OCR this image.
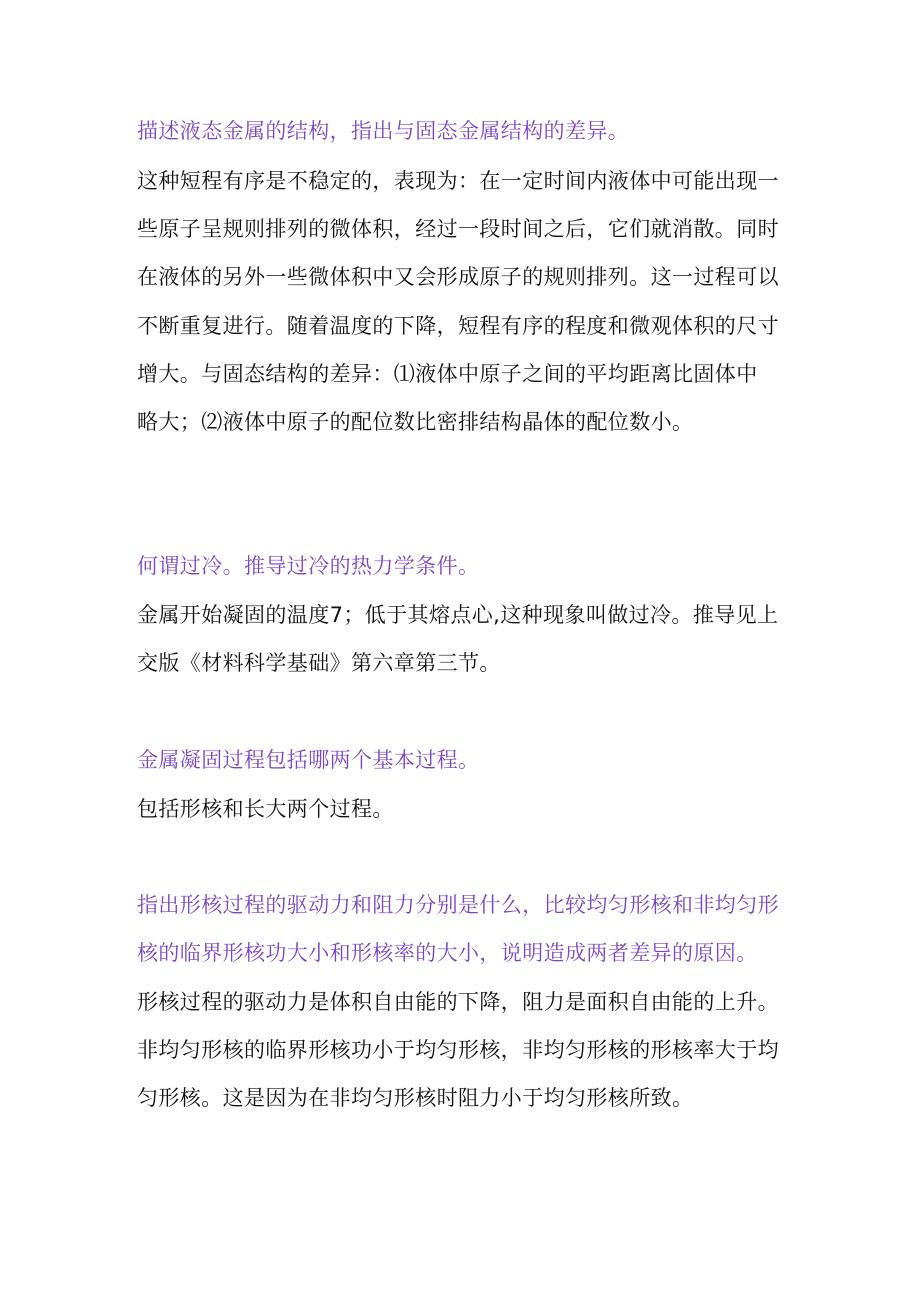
描述液态金属的结构，指出与固态金属结构的差异。
这种短程有序是不稳定的，表现为：在一定时间内液体中可能出现一
些原子呈规则排列的微体积，经过一段时间之后，它们就消散。同时
在液体的另外一些微体积中又会形成原子的规则排列。这一过程可以
不断重复进行。随着温度的下降，短程有序的程度和微观体积的尺寸
增大。与固态结构的差异：⑴液体中原子之间的平均距离比固体中
略大；⑵液体中原子的配位数比密排结构晶体的配位数小。
何谓过冷。推导过冷的热力学条件。
金属开始凝固的温度7；低于其熔点心,这种现象叫做过冷。推导见上
交版《材料科学基础》第六章第三节。
金属凝固过程包括哪两个基本过程。
包括形核和长大两个过程。
指出形核过程的驱动力和阻力分别是什么，比较均匀形核和非均匀形
核的临界形核功大小和形核率的大小，说明造成两者差异的原因。
形核过程的驱动力是体积自由能的下降，阻力是面积自由能的上升。
非均匀形核的临界形核功小于均匀形核，非均匀形核的形核率大于均
匀形核。这是因为在非均匀形核时阻力小于均匀形核所致。
